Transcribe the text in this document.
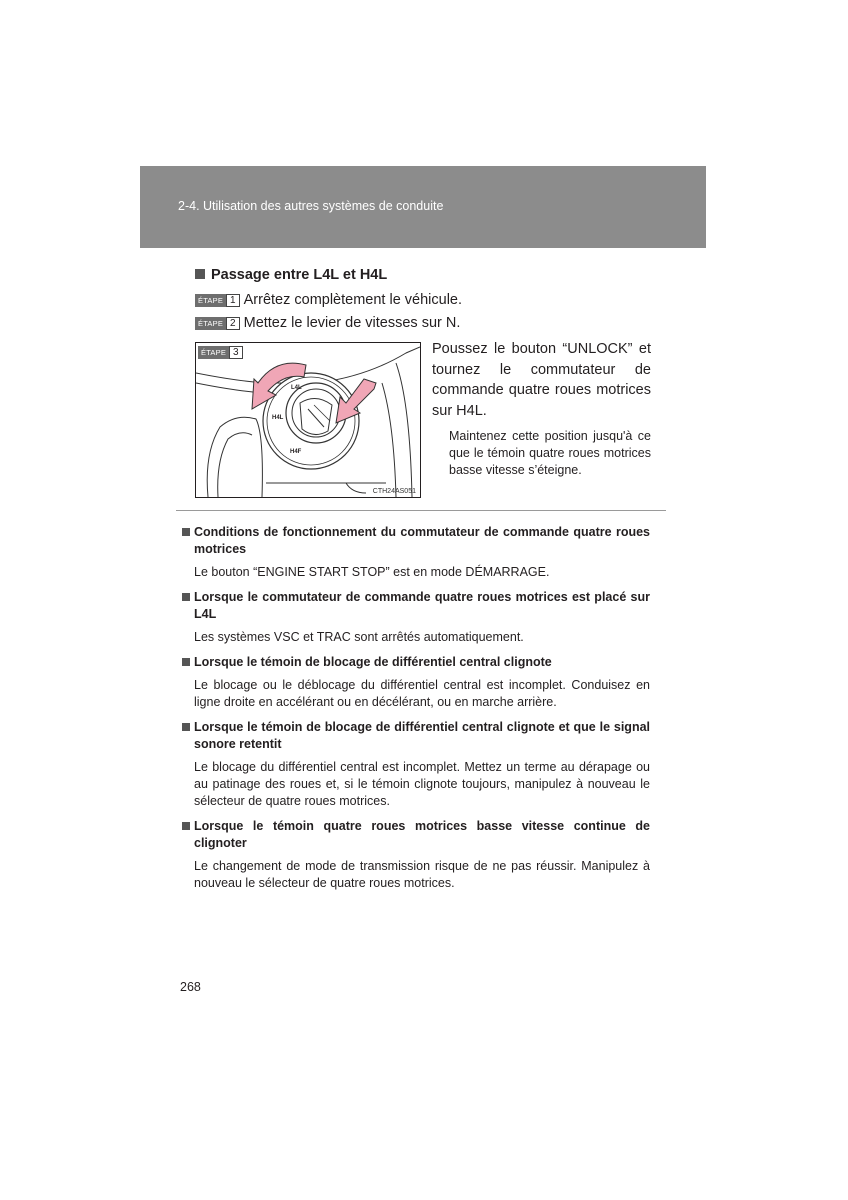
2-4. Utilisation des autres systèmes de conduite
Passage entre L4L et H4L
ÉTAPE 1 Arrêtez complètement le véhicule.
ÉTAPE 2 Mettez le levier de vitesses sur N.
ÉTAPE 3
L4L
H4L
H4F
CTH24AS051
Poussez le bouton “UNLOCK” et tournez le commutateur de commande quatre roues motrices sur H4L.
Maintenez cette position jusqu'à ce que le témoin quatre roues motrices basse vitesse s’éteigne.
Conditions de fonctionnement du commutateur de commande quatre roues motrices
Le bouton “ENGINE START STOP” est en mode DÉMARRAGE.
Lorsque le commutateur de commande quatre roues motrices est placé sur L4L
Les systèmes VSC et TRAC sont arrêtés automatiquement.
Lorsque le témoin de blocage de différentiel central clignote
Le blocage ou le déblocage du différentiel central est incomplet. Conduisez en ligne droite en accélérant ou en décélérant, ou en marche arrière.
Lorsque le témoin de blocage de différentiel central clignote et que le signal sonore retentit
Le blocage du différentiel central est incomplet. Mettez un terme au dérapage ou au patinage des roues et, si le témoin clignote toujours, manipulez à nouveau le sélecteur de quatre roues motrices.
Lorsque le témoin quatre roues motrices basse vitesse continue de clignoter
Le changement de mode de transmission risque de ne pas réussir. Manipulez à nouveau le sélecteur de quatre roues motrices.
268
